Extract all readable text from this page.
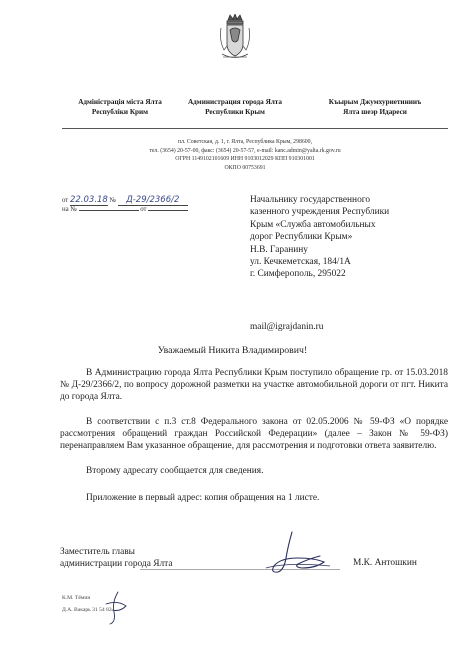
Адміністрація міста Ялта
Республіки Крим
Администрация города Ялта
Республики Крым
Къырым Джумхуриетининъ
Ялта шеэр Идареси
пл. Советская, д. 1, г. Ялта, Республика Крым, 298600,
тел. (3654) 20-57-00, факс: (3654) 20-57-57, e-mail: kanc.admin@yalta.rk.gov.ru
ОГРН 1149102101609 ИНН 9103012029 КПП 910301001
ОКПО 00753691
от 22.03.18 № Д-29/2366/2
на №	от
Начальнику государственного
казенного учреждения Республики
Крым «Служба автомобильных
дорог Республики Крым»
Н.В. Гаранину
ул. Кечкеметская, 184/1А
г. Симферополь, 295022
mail@igrajdanin.ru
Уважаемый Никита Владимирович!
В Администрацию города Ялта Республики Крым поступило обращение гр. от 15.03.2018 № Д-29/2366/2, по вопросу дорожной разметки на участке автомобильной дороги от пгт. Никита до города Ялта.
В соответствии с п.3 ст.8 Федерального закона от 02.05.2006 № 59-ФЗ «О порядке рассмотрения обращений граждан Российской Федерации» (далее – Закон № 59-ФЗ) перенаправляем Вам указанное обращение, для рассмотрения и подготовки ответа заявителю.
Второму адресату сообщается для сведения.
Приложение в первый адрес: копия обращения на 1 листе.
Заместитель главы
администрации города Ялта	М.К. Антошкин
К.М. Тёмин
Д.А. Вакарь 31 54 82
